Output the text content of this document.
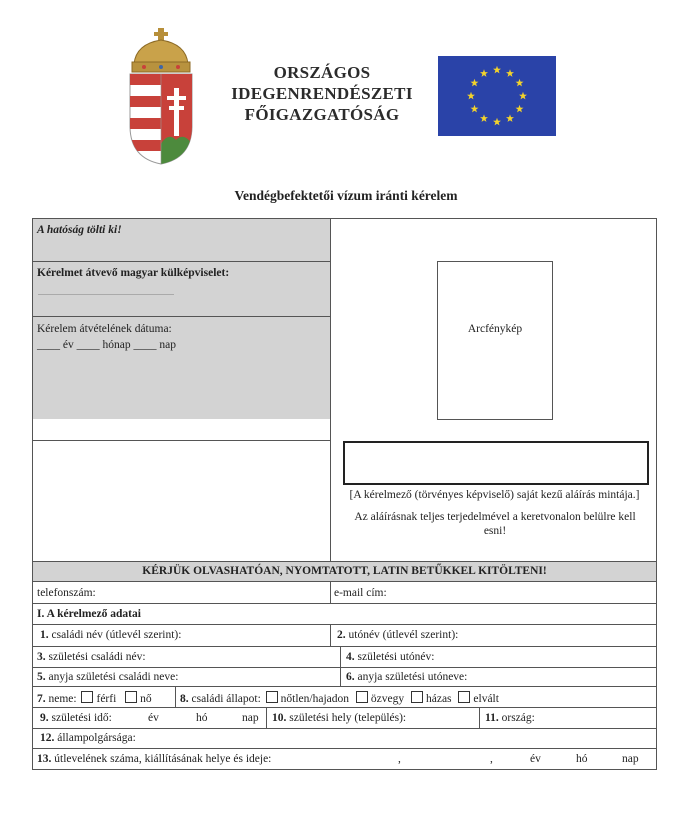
ORSZÁGOS
IDEGENRENDÉSZETI
FŐIGAZGATÓSÁG
Vendégbefektetői vízum iránti kérelem
A hatóság tölti ki!
Kérelmet átvevő magyar külképviselet:
Kérelem átvételének dátuma:
____ év ____ hónap ____ nap
Arcfénykép
[A kérelmező (törvényes képviselő) saját kezű aláírás mintája.]
Az aláírásnak teljes terjedelmével a keretvonalon belülre kell esni!
KÉRJÜK OLVASHATÓAN, NYOMTATOTT, LATIN BETŰKKEL KITÖLTENI!
telefonszám:	e-mail cím:
I. A kérelmező adatai
1. családi név (útlevél szerint):	2. utónév (útlevél szerint):
3. születési családi név:	4. születési utónév:
5. anyja születési családi neve:	6. anyja születési utóneve:
7. neme: férfi nő 8. családi állapot: nőtlen/hajadon özvegy házas elvált
9. születési idő:	év	hó	nap 10. születési hely (település):	11. ország:
12. állampolgársága:
13. útlevelének száma, kiállításának helye és ideje:	,	,	év	hó	nap
